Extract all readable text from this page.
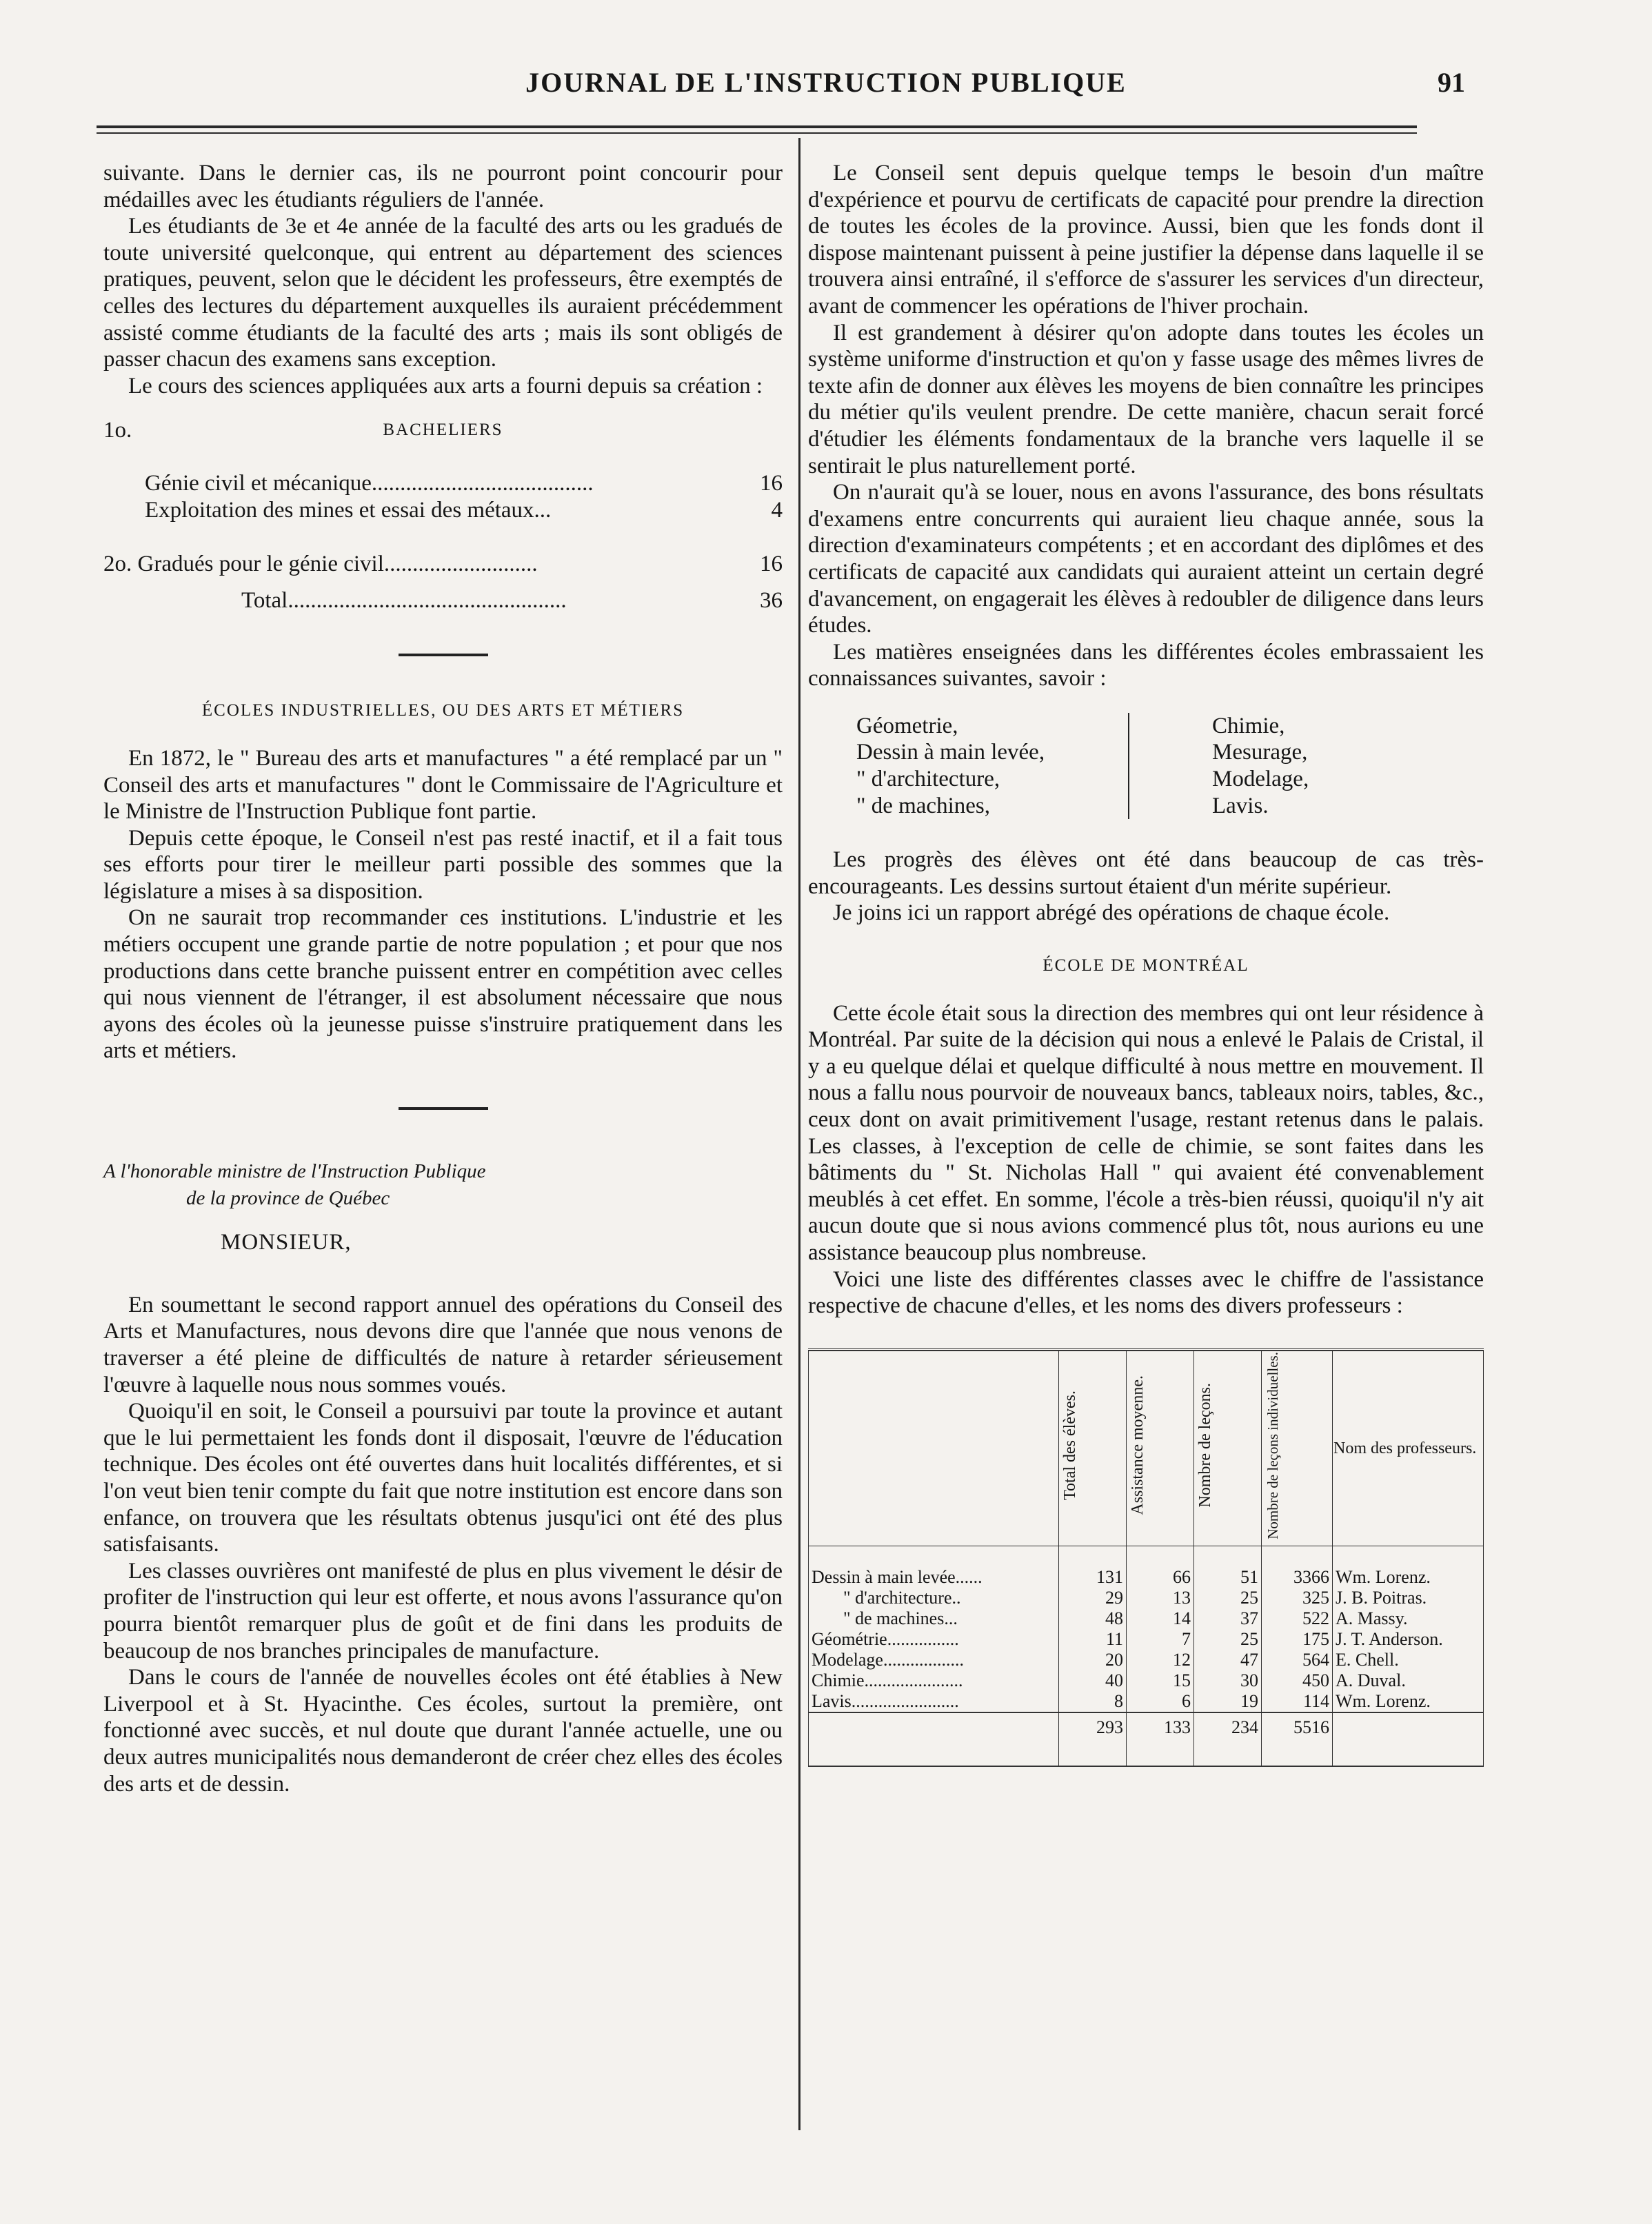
JOURNAL DE L'INSTRUCTION PUBLIQUE	91

suivante. Dans le dernier cas, ils ne pourront point concourir pour médailles avec les étudiants réguliers de l'année.

Les étudiants de 3e et 4e année de la faculté des arts ou les gradués de toute université quelconque, qui entrent au département des sciences pratiques, peuvent, selon que le décident les professeurs, être exemptés de celles des lectures du département auxquelles ils auraient précédemment assisté comme étudiants de la faculté des arts ; mais ils sont obligés de passer chacun des examens sans exception.

Le cours des sciences appliquées aux arts a fourni depuis sa création :

1o.	BACHELIERS
Génie civil et mécanique.......................................	16
Exploitation des mines et essai des métaux...	4
2o. Gradués pour le génie civil...........................	16
Total.................................................	36

ÉCOLES INDUSTRIELLES, OU DES ARTS ET MÉTIERS

En 1872, le " Bureau des arts et manufactures " a été remplacé par un " Conseil des arts et manufactures " dont le Commissaire de l'Agriculture et le Ministre de l'Instruction Publique font partie.

Depuis cette époque, le Conseil n'est pas resté inactif, et il a fait tous ses efforts pour tirer le meilleur parti possible des sommes que la législature a mises à sa disposition.

On ne saurait trop recommander ces institutions. L'industrie et les métiers occupent une grande partie de notre population ; et pour que nos productions dans cette branche puissent entrer en compétition avec celles qui nous viennent de l'étranger, il est absolument nécessaire que nous ayons des écoles où la jeunesse puisse s'instruire pratiquement dans les arts et métiers.

A l'honorable ministre de l'Instruction Publique

de la province de Québec

MONSIEUR,

En soumettant le second rapport annuel des opérations du Conseil des Arts et Manufactures, nous devons dire que l'année que nous venons de traverser a été pleine de difficultés de nature à retarder sérieusement l'œuvre à laquelle nous nous sommes voués.

Quoiqu'il en soit, le Conseil a poursuivi par toute la province et autant que le lui permettaient les fonds dont il disposait, l'œuvre de l'éducation technique. Des écoles ont été ouvertes dans huit localités différentes, et si l'on veut bien tenir compte du fait que notre institution est encore dans son enfance, on trouvera que les résultats obtenus jusqu'ici ont été des plus satisfaisants.

Les classes ouvrières ont manifesté de plus en plus vivement le désir de profiter de l'instruction qui leur est offerte, et nous avons l'assurance qu'on pourra bientôt remarquer plus de goût et de fini dans les produits de beaucoup de nos branches principales de manufacture.

Dans le cours de l'année de nouvelles écoles ont été établies à New Liverpool et à St. Hyacinthe. Ces écoles, surtout la première, ont fonctionné avec succès, et nul doute que durant l'année actuelle, une ou deux autres municipalités nous demanderont de créer chez elles des écoles des arts et de dessin.

Le Conseil sent depuis quelque temps le besoin d'un maître d'expérience et pourvu de certificats de capacité pour prendre la direction de toutes les écoles de la province. Aussi, bien que les fonds dont il dispose maintenant puissent à peine justifier la dépense dans laquelle il se trouvera ainsi entraîné, il s'efforce de s'assurer les services d'un directeur, avant de commencer les opérations de l'hiver prochain.

Il est grandement à désirer qu'on adopte dans toutes les écoles un système uniforme d'instruction et qu'on y fasse usage des mêmes livres de texte afin de donner aux élèves les moyens de bien connaître les principes du métier qu'ils veulent prendre. De cette manière, chacun serait forcé d'étudier les éléments fondamentaux de la branche vers laquelle il se sentirait le plus naturellement porté.

On n'aurait qu'à se louer, nous en avons l'assurance, des bons résultats d'examens entre concurrents qui auraient lieu chaque année, sous la direction d'examinateurs compétents ; et en accordant des diplômes et des certificats de capacité aux candidats qui auraient atteint un certain degré d'avancement, on engagerait les élèves à redoubler de diligence dans leurs études.

Les matières enseignées dans les différentes écoles embrassaient les connaissances suivantes, savoir :

Géometrie,
Dessin à main levée,
" d'architecture,
" de machines,
Chimie,
Mesurage,
Modelage,
Lavis.

Les progrès des élèves ont été dans beaucoup de cas très-encourageants. Les dessins surtout étaient d'un mérite supérieur.

Je joins ici un rapport abrégé des opérations de chaque école.

ÉCOLE DE MONTRÉAL

Cette école était sous la direction des membres qui ont leur résidence à Montréal. Par suite de la décision qui nous a enlevé le Palais de Cristal, il y a eu quelque délai et quelque difficulté à nous mettre en mouvement. Il nous a fallu nous pourvoir de nouveaux bancs, tableaux noirs, tables, &c., ceux dont on avait primitivement l'usage, restant retenus dans le palais. Les classes, à l'exception de celle de chimie, se sont faites dans les bâtiments du " St. Nicholas Hall " qui avaient été convenablement meublés à cet effet. En somme, l'école a très-bien réussi, quoiqu'il n'y ait aucun doute que si nous avions commencé plus tôt, nous aurions eu une assistance beaucoup plus nombreuse.

Voici une liste des différentes classes avec le chiffre de l'assistance respective de chacune d'elles, et les noms des divers professeurs :

	Total des élèves.	Assistance moyenne.	Nombre de leçons.	Nombre de leçons individuelles.	Nom des professeurs.
Dessin à main levée......	131	66	51	3366	Wm. Lorenz.
" d'architecture..	29	13	25	325	J. B. Poitras.
" de machines...	48	14	37	522	A. Massy.
Géométrie................	11	7	25	175	J. T. Anderson.
Modelage..................	20	12	47	564	E. Chell.
Chimie......................	40	15	30	450	A. Duval.
Lavis........................	8	6	19	114	Wm. Lorenz.
	293	133	234	5516	
